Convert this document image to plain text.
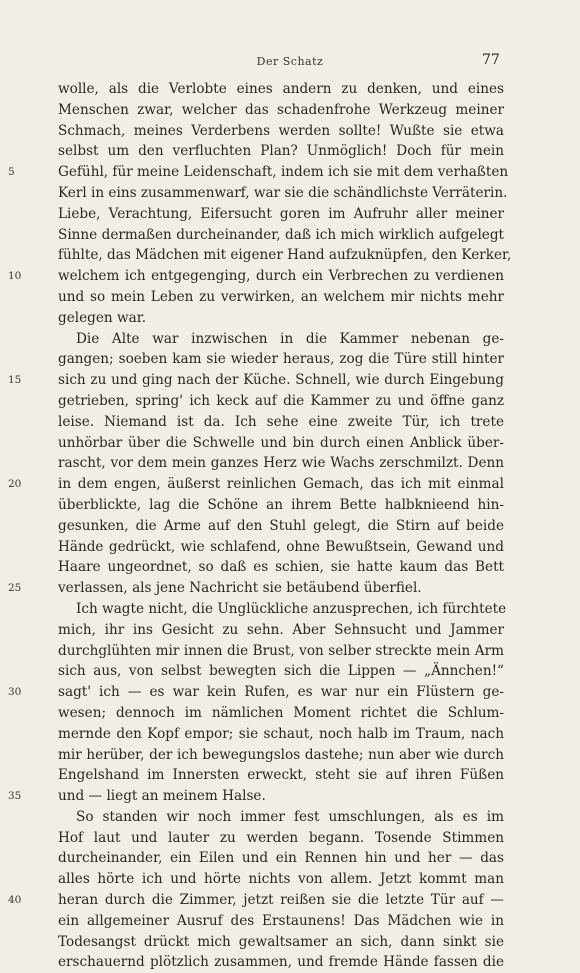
Der Schatz	77
wolle, als die Verlobte eines andern zu denken, und eines
Menschen zwar, welcher das schadenfrohe Werkzeug meiner
Schmach, meines Verderbens werden sollte! Wußte sie etwa
selbst um den verfluchten Plan? Unmöglich! Doch für mein
5	Gefühl, für meine Leidenschaft, indem ich sie mit dem verhaßten
Kerl in eins zusammenwarf, war sie die schändlichste Verräterin.
Liebe, Verachtung, Eifersucht goren im Aufruhr aller meiner
Sinne dermaßen durcheinander, daß ich mich wirklich aufgelegt
fühlte, das Mädchen mit eigener Hand aufzuknüpfen, den Kerker,
10	welchem ich entgegenging, durch ein Verbrechen zu verdienen
und so mein Leben zu verwirken, an welchem mir nichts mehr
gelegen war.
Die Alte war inzwischen in die Kammer nebenan ge-
gangen; soeben kam sie wieder heraus, zog die Türe still hinter
15	sich zu und ging nach der Küche. Schnell, wie durch Eingebung
getrieben, spring' ich keck auf die Kammer zu und öffne ganz
leise. Niemand ist da. Ich sehe eine zweite Tür, ich trete
unhörbar über die Schwelle und bin durch einen Anblick über-
rascht, vor dem mein ganzes Herz wie Wachs zerschmilzt. Denn
20	in dem engen, äußerst reinlichen Gemach, das ich mit einmal
überblickte, lag die Schöne an ihrem Bette halbknieend hin-
gesunken, die Arme auf den Stuhl gelegt, die Stirn auf beide
Hände gedrückt, wie schlafend, ohne Bewußtsein, Gewand und
Haare ungeordnet, so daß es schien, sie hatte kaum das Bett
25	verlassen, als jene Nachricht sie betäubend überfiel.
Ich wagte nicht, die Unglückliche anzusprechen, ich fürchtete
mich, ihr ins Gesicht zu sehn. Aber Sehnsucht und Jammer
durchglühten mir innen die Brust, von selber streckte mein Arm
sich aus, von selbst bewegten sich die Lippen — „Ännchen!“
30	sagt' ich — es war kein Rufen, es war nur ein Flüstern ge-
wesen; dennoch im nämlichen Moment richtet die Schlum-
mernde den Kopf empor; sie schaut, noch halb im Traum, nach
mir herüber, der ich bewegungslos dastehe; nun aber wie durch
Engelshand im Innersten erweckt, steht sie auf ihren Füßen
35	und — liegt an meinem Halse.
So standen wir noch immer fest umschlungen, als es im
Hof laut und lauter zu werden begann. Tosende Stimmen
durcheinander, ein Eilen und ein Rennen hin und her — das
alles hörte ich und hörte nichts von allem. Jetzt kommt man
40	heran durch die Zimmer, jetzt reißen sie die letzte Tür auf —
ein allgemeiner Ausruf des Erstaunens! Das Mädchen wie in
Todesangst drückt mich gewaltsamer an sich, dann sinkt sie
erschauernd plötzlich zusammen, und fremde Hände fassen die
